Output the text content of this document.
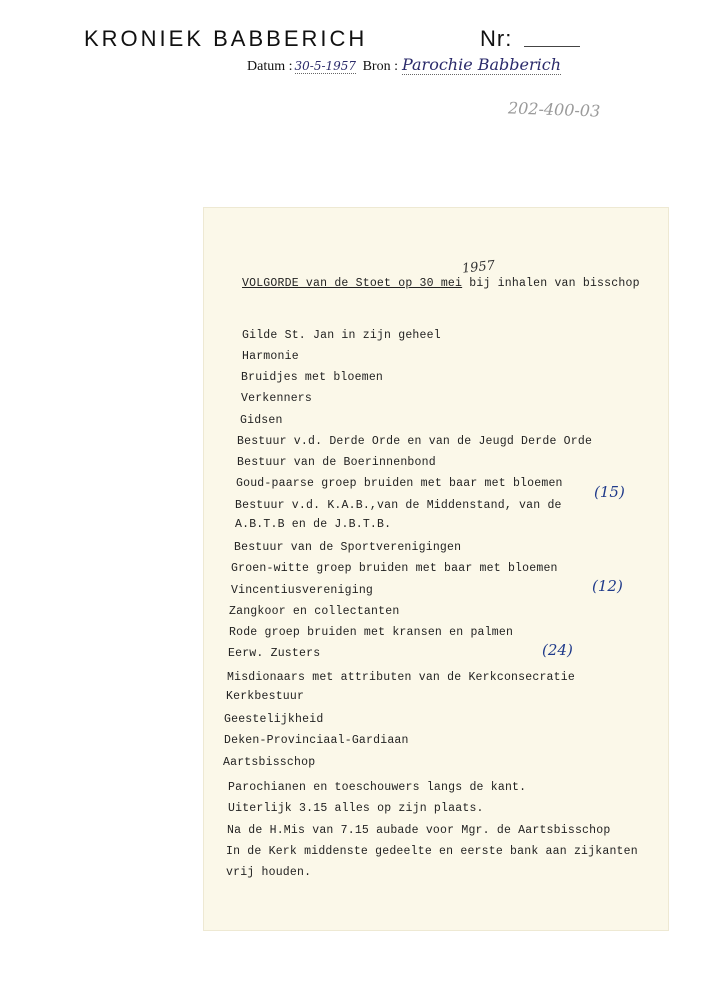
KRONIEK BABBERICH	Nr:
Datum : 30-5-1957 Bron : Parochie Babberich
202-400-03
1957
VOLGORDE van de Stoet op 30 mei bij inhalen van bisschop
Gilde St. Jan in zijn geheel
Harmonie
Bruidjes met bloemen
Verkenners
Gidsen
Bestuur v.d. Derde Orde en van de Jeugd Derde Orde
Bestuur van de Boerinnenbond
Goud-paarse groep bruiden met baar met bloemen
Bestuur v.d. K.A.B.,van de Middenstand, van de
A.B.T.B en de J.B.T.B.
Bestuur van de Sportverenigingen
Groen-witte groep bruiden met baar met bloemen
Vincentiusvereniging
Zangkoor en collectanten
Rode groep bruiden met kransen en palmen
Eerw. Zusters
Misdionaars met attributen van de Kerkconsecratie
Kerkbestuur
Geestelijkheid
Deken-Provinciaal-Gardiaan
Aartsbisschop
Parochianen en toeschouwers langs de kant.
Uiterlijk 3.15 alles op zijn plaats.
Na de H.Mis van 7.15 aubade voor Mgr. de Aartsbisschop
In de Kerk middenste gedeelte en eerste bank aan zijkanten
vrij houden.
(15)
(12)
(24)
